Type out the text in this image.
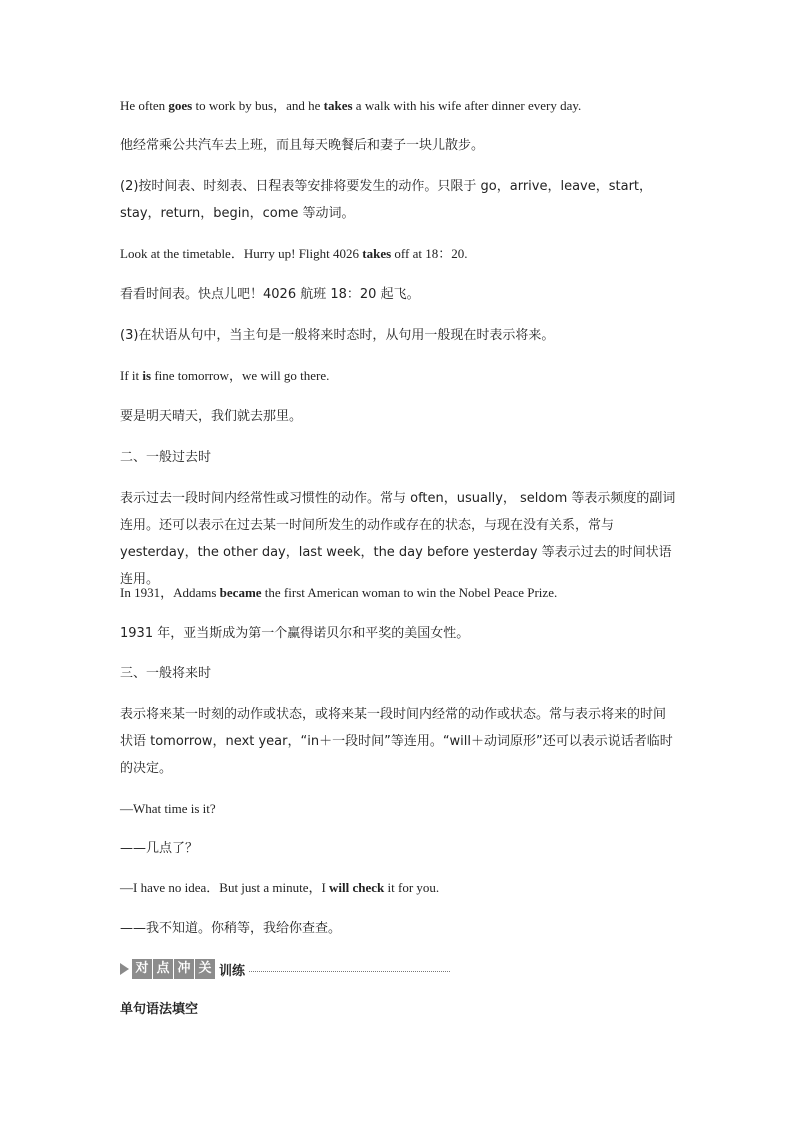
He often goes to work by bus，and he takes a walk with his wife after dinner every day.

他经常乘公共汽车去上班，而且每天晚餐后和妻子一块儿散步。

(2)按时间表、时刻表、日程表等安排将要发生的动作。只限于 go，arrive，leave，start，stay，return，begin，come 等动词。

Look at the timetable．Hurry up! Flight 4026 takes off at 18：20.

看看时间表。快点儿吧！4026 航班 18：20 起飞。

(3)在状语从句中，当主句是一般将来时态时，从句用一般现在时表示将来。

If it is fine tomorrow，we will go there.

要是明天晴天，我们就去那里。

二、一般过去时

表示过去一段时间内经常性或习惯性的动作。常与 often，usually， seldom 等表示频度的副词连用。还可以表示在过去某一时间所发生的动作或存在的状态，与现在没有关系，常与 yesterday，the other day，last week，the day before yesterday 等表示过去的时间状语连用。

In 1931，Addams became the first American woman to win the Nobel Peace Prize.

1931 年，亚当斯成为第一个赢得诺贝尔和平奖的美国女性。

三、一般将来时

表示将来某一时刻的动作或状态，或将来某一段时间内经常的动作或状态。常与表示将来的时间状语 tomorrow，next year，“in＋一段时间”等连用。“will＋动词原形”还可以表示说话者临时的决定。

—What time is it?

——几点了？

—I have no idea．But just a minute，I will check it for you.

——我不知道。你稍等，我给你查查。

对 点 冲 关 训练
单句语法填空
